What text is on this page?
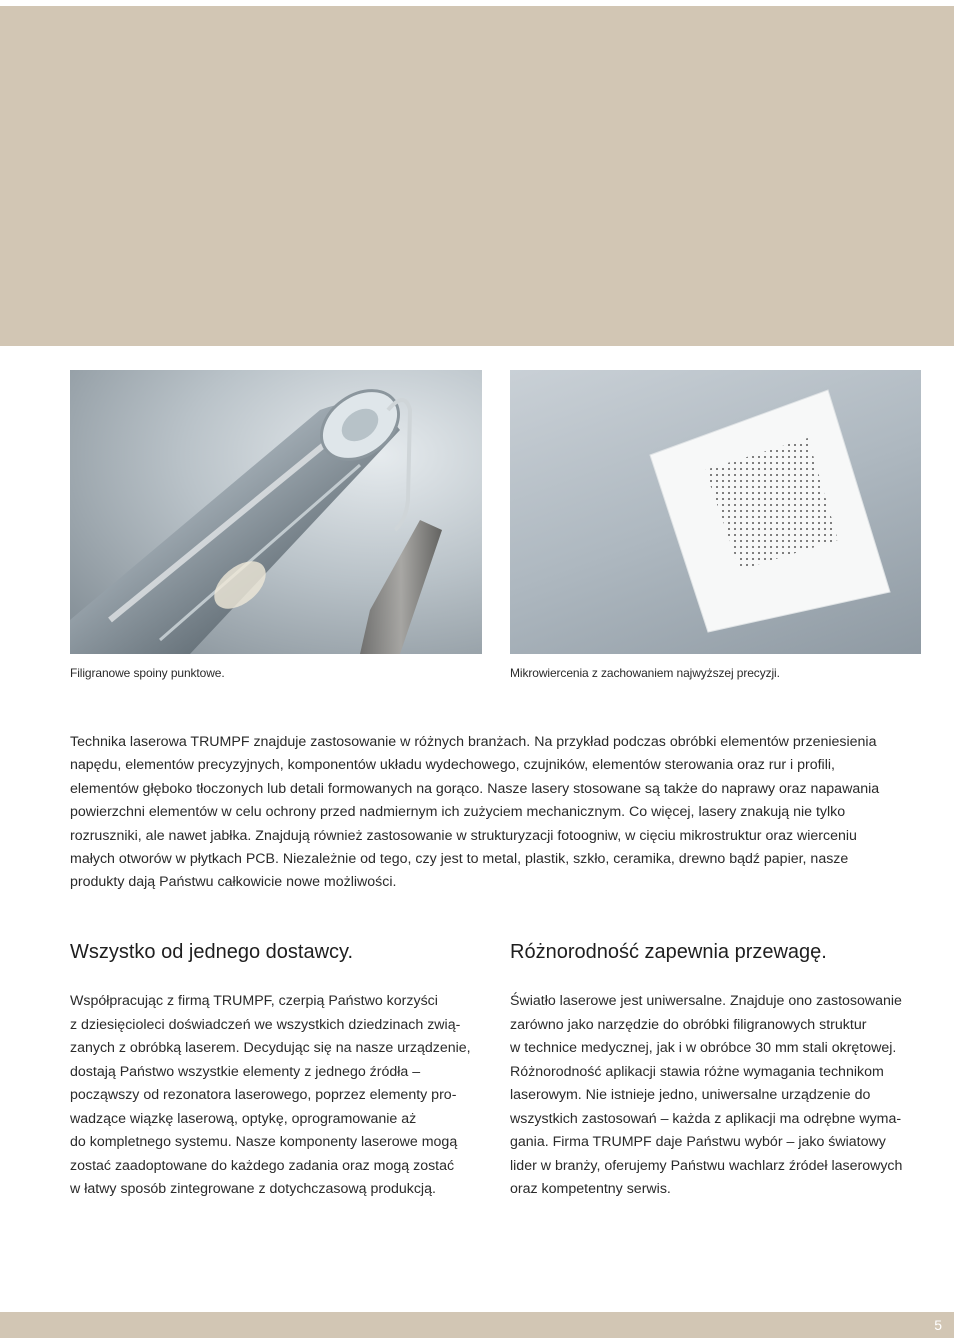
Filigranowe spoiny punktowe.	Mikrowiercenia z zachowaniem najwyższej precyzji.
Technika laserowa TRUMPF znajduje zastosowanie w różnych branżach. Na przykład podczas obróbki elementów przeniesienia
napędu, elementów precyzyjnych, komponentów układu wydechowego, czujników, elementów sterowania oraz rur i profili,
elementów głęboko tłoczonych lub detali formowanych na gorąco. Nasze lasery stosowane są także do naprawy oraz napawania
powierzchni elementów w celu ochrony przed nadmiernym ich zużyciem mechanicznym. Co więcej, lasery znakują nie tylko
rozruszniki, ale nawet jabłka. Znajdują również zastosowanie w strukturyzacji fotoogniw, w cięciu mikrostruktur oraz wierceniu
małych otworów w płytkach PCB. Niezależnie od tego, czy jest to metal, plastik, szkło, ceramika, drewno bądź papier, nasze
produkty dają Państwu całkowicie nowe możliwości.
Wszystko od jednego dostawcy.	Różnorodność zapewnia przewagę.
Współpracując z firmą TRUMPF, czerpią Państwo korzyści
z dziesięcioleci doświadczeń we wszystkich dziedzinach zwią-
zanych z obróbką laserem. Decydując się na nasze urządzenie,
dostają Państwo wszystkie elementy z jednego źródła –
począwszy od rezonatora laserowego, poprzez elementy pro-
wadzące wiązkę laserową, optykę, oprogramowanie aż
do kompletnego systemu. Nasze komponenty laserowe mogą
zostać zaadoptowane do każdego zadania oraz mogą zostać
w łatwy sposób zintegrowane z dotychczasową produkcją.
Światło laserowe jest uniwersalne. Znajduje ono zastosowanie
zarówno jako narzędzie do obróbki filigranowych struktur
w technice medycznej, jak i w obróbce 30 mm stali okrętowej.
Różnorodność aplikacji stawia różne wymagania technikom
laserowym. Nie istnieje jedno, uniwersalne urządzenie do
wszystkich zastosowań – każda z aplikacji ma odrębne wyma-
gania. Firma TRUMPF daje Państwu wybór – jako światowy
lider w branży, oferujemy Państwu wachlarz źródeł laserowych
oraz kompetentny serwis.
5
